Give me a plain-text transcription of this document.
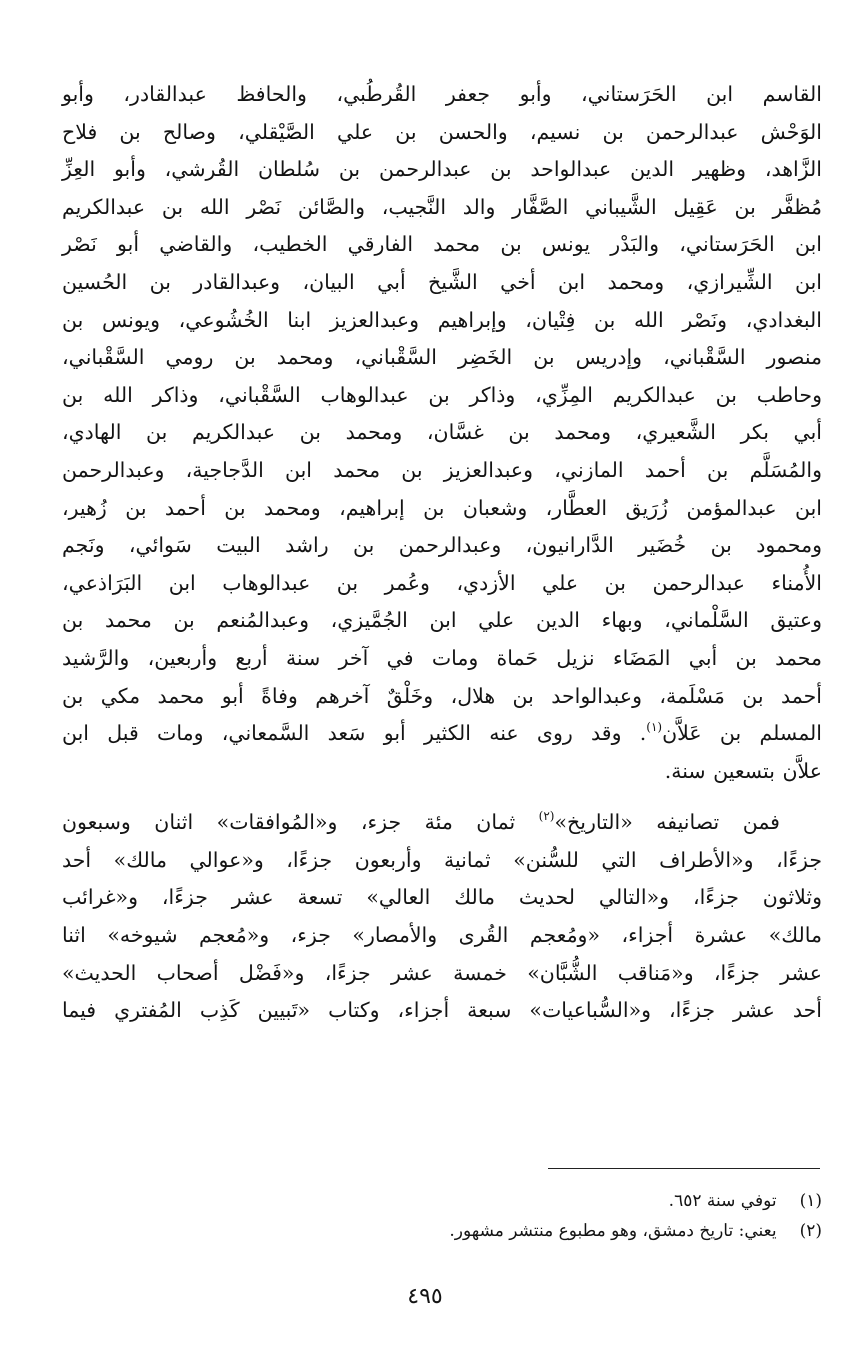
القاسم ابن الحَرَستاني، وأبو جعفر القُرطُبي، والحافظ عبدالقادر، وأبو
الوَحْش عبدالرحمن بن نسيم، والحسن بن علي الصَّيْقلي، وصالح بن فلاح
الزَّاهد، وظهير الدين عبدالواحد بن عبدالرحمن بن سُلطان القُرشي، وأبو العِزِّ
مُظفَّر بن عَقِيل الشَّيباني الصَّفَّار والد النَّجيب، والصَّائن نَصْر الله بن عبدالكريم
ابن الحَرَستاني، والبَدْر يونس بن محمد الفارقي الخطيب، والقاضي أبو نَصْر
ابن الشِّيرازي، ومحمد ابن أخي الشَّيخ أبي البيان، وعبدالقادر بن الحُسين
البغدادي، ونَصْر الله بن فِتْيان، وإبراهيم وعبدالعزيز ابنا الخُشُوعي، ويونس بن
منصور السَّقْباني، وإدريس بن الخَضِر السَّقْباني، ومحمد بن رومي السَّقْباني،
وحاطب بن عبدالكريم المِزِّي، وذاكر بن عبدالوهاب السَّقْباني، وذاكر الله بن
أبي بكر الشَّعيري، ومحمد بن غسَّان، ومحمد بن عبدالكريم بن الهادي،
والمُسَلَّم بن أحمد المازني، وعبدالعزيز بن محمد ابن الدَّجاجية، وعبدالرحمن
ابن عبدالمؤمن زُرَيق العطَّار، وشعبان بن إبراهيم، ومحمد بن أحمد بن زُهير،
ومحمود بن خُضَير الدَّارانيون، وعبدالرحمن بن راشد البيت سَوائي، ونَجم
الأُمناء عبدالرحمن بن علي الأزدي، وعُمر بن عبدالوهاب ابن البَرَاذعي،
وعتيق السَّلْماني، وبهاء الدين علي ابن الجُمَّيزي، وعبدالمُنعم بن محمد بن
محمد بن أبي المَضَاء نزيل حَماة ومات في آخر سنة أربع وأربعين، والرَّشيد
أحمد بن مَسْلَمة، وعبدالواحد بن هلال، وخَلْقٌ آخرهم وفاةً أبو محمد مكي بن
المسلم بن عَلاَّن$^{(١)}$. وقد روى عنه الكثير أبو سَعد السَّمعاني، ومات قبل ابن
علاَّن بتسعين سنة.
فمن تصانيفه «التاريخ»$^{(٢)}$ ثمان مئة جزء، و«المُوافقات» اثنان وسبعون
جزءًا، و«الأطراف التي للسُّنن» ثمانية وأربعون جزءًا، و«عوالي مالك» أحد
وثلاثون جزءًا، و«التالي لحديث مالك العالي» تسعة عشر جزءًا، و«غرائب
مالك» عشرة أجزاء، «ومُعجم القُرى والأمصار» جزء، و«مُعجم شيوخه» اثنا
عشر جزءًا، و«مَناقب الشُّبَّان» خمسة عشر جزءًا، و«فَضْل أصحاب الحديث»
أحد عشر جزءًا، و«السُّباعيات» سبعة أجزاء، وكتاب «تَبيين كَذِب المُفتري فيما
(١) توفي سنة ٦٥٢.
(٢) يعني: تاريخ دمشق، وهو مطبوع منتشر مشهور.
٤٩٥
